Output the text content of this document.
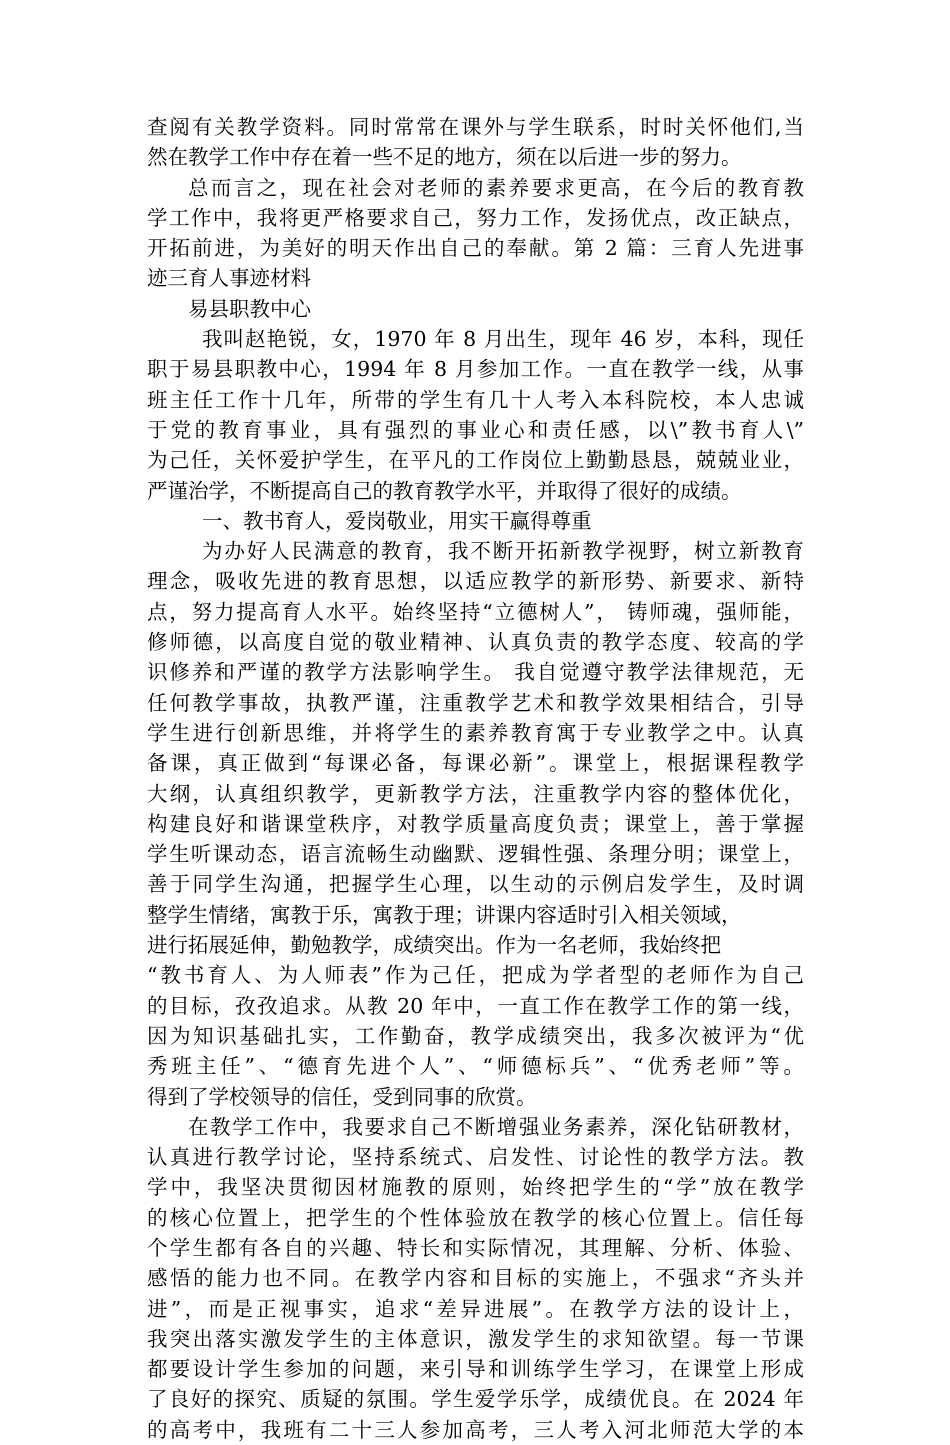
查阅有关教学资料。同时常常在课外与学生联系，时时关怀他们,当
然在教学工作中存在着一些不足的地方，须在以后进一步的努力。
总而言之，现在社会对老师的素养要求更高，在今后的教育教
学工作中，我将更严格要求自己，努力工作，发扬优点，改正缺点，
开拓前进，为美好的明天作出自己的奉献。第 2 篇：三育人先进事
迹三育人事迹材料
易县职教中心
我叫赵艳锐，女，1970 年 8 月出生，现年 46 岁，本科，现任
职于易县职教中心，1994 年 8 月参加工作。一直在教学一线，从事
班主任工作十几年，所带的学生有几十人考入本科院校，本人忠诚
于党的教育事业，具有强烈的事业心和责任感，以\”教书育人\”
为己任，关怀爱护学生，在平凡的工作岗位上勤勤恳恳，兢兢业业，
严谨治学，不断提高自己的教育教学水平，并取得了很好的成绩。
一、教书育人，爱岗敬业，用实干赢得尊重
为办好人民满意的教育，我不断开拓新教学视野，树立新教育
理念，吸收先进的教育思想，以适应教学的新形势、新要求、新特
点，努力提高育人水平。始终坚持“立德树人”， 铸师魂，强师能，
修师德，以高度自觉的敬业精神、认真负责的教学态度、较高的学
识修养和严谨的教学方法影响学生。 我自觉遵守教学法律规范，无
任何教学事故，执教严谨，注重教学艺术和教学效果相结合，引导
学生进行创新思维，并将学生的素养教育寓于专业教学之中。认真
备课，真正做到“每课必备，每课必新”。课堂上，根据课程教学
大纲，认真组织教学，更新教学方法，注重教学内容的整体优化，
构建良好和谐课堂秩序，对教学质量高度负责；课堂上，善于掌握
学生听课动态，语言流畅生动幽默、逻辑性强、条理分明；课堂上，
善于同学生沟通，把握学生心理，以生动的示例启发学生，及时调
整学生情绪，寓教于乐，寓教于理；讲课内容适时引入相关领域，
进行拓展延伸，勤勉教学，成绩突出。作为一名老师，我始终把
“教书育人、为人师表”作为己任，把成为学者型的老师作为自己
的目标，孜孜追求。从教 20 年中，一直工作在教学工作的第一线，
因为知识基础扎实，工作勤奋，教学成绩突出，我多次被评为“优
秀班主任”、“德育先进个人”、“师德标兵”、“优秀老师”等。
得到了学校领导的信任，受到同事的欣赏。
在教学工作中，我要求自己不断增强业务素养，深化钻研教材，
认真进行教学讨论，坚持系统式、启发性、讨论性的教学方法。教
学中，我坚决贯彻因材施教的原则，始终把学生的“学”放在教学
的核心位置上，把学生的个性体验放在教学的核心位置上。信任每
个学生都有各自的兴趣、特长和实际情况，其理解、分析、体验、
感悟的能力也不同。在教学内容和目标的实施上，不强求“齐头并
进”，而是正视事实，追求“差异进展”。在教学方法的设计上，
我突出落实激发学生的主体意识，激发学生的求知欲望。每一节课
都要设计学生参加的问题，来引导和训练学生学习，在课堂上形成
了良好的探究、质疑的氛围。学生爱学乐学，成绩优良。在 2024 年
的高考中，我班有二十三人参加高考，三人考入河北师范大学的本
